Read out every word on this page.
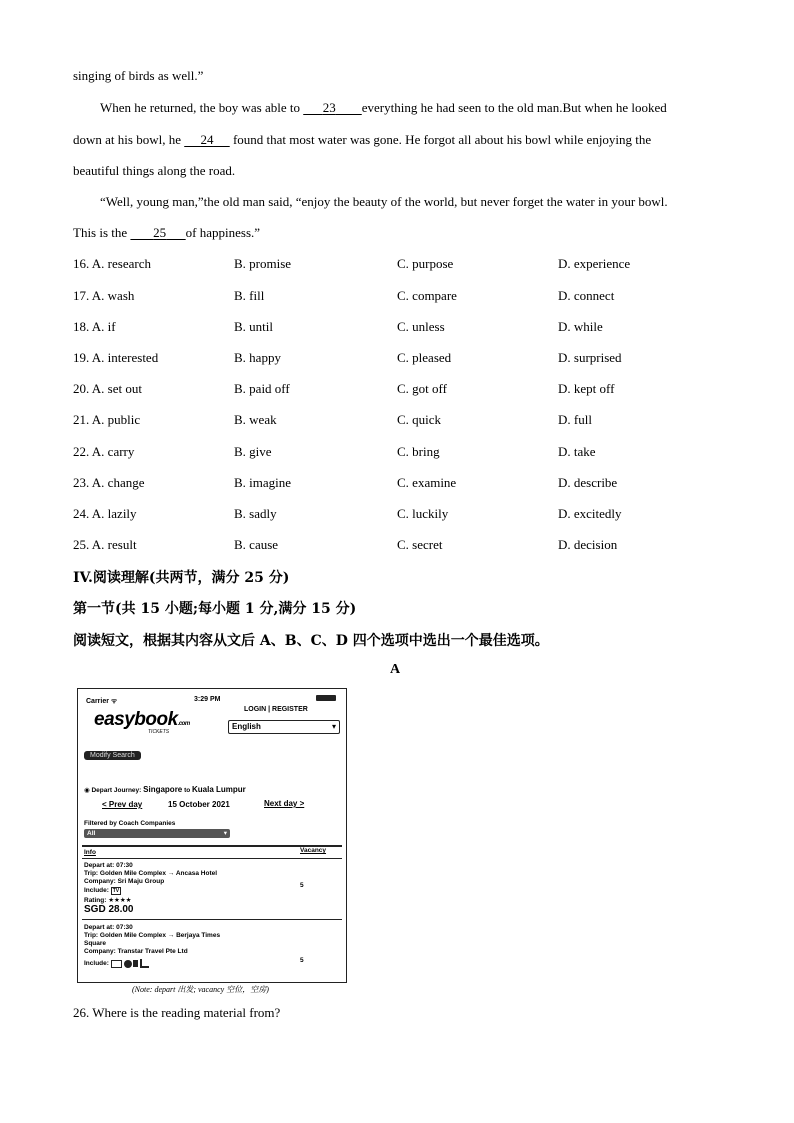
singing of birds as well.”
When he returned, the boy was able to       23 everything he had seen to the old man.But when he looked
down at his bowl, he      24      found that most water was gone. He forgot all about his bowl while enjoying the
beautiful things along the road.
“Well, young man,”the old man said, “enjoy the beauty of the world, but never forget the water in your bowl.
This is the        25 of happiness.”
16. A. research	B. promise	C. purpose	D. experience
17. A. wash	B. fill	C. compare	D. connect
18. A. if	B. until	C. unless	D. while
19. A. interested	B. happy	C. pleased	D. surprised
20. A. set out	B. paid off	C. got off	D. kept off
21. A. public	B. weak	C. quick	D. full
22. A. carry	B. give	C. bring	D. take
23. A. change	B. imagine	C. examine	D. describe
24. A. lazily	B. sadly	C. luckily	D. excitedly
25. A. result	B. cause	C. secret	D. decision
IV.阅读理解(共两节，满分 25 分)
第一节(共 15 小题;每小题 1 分,满分 15 分)
阅读短文，根据其内容从文后 A、B、C、D 四个选项中选出一个最佳选项。
A
Carrier ᯤ	3:29 PM
LOGIN | REGISTER
easybook.com
TICKETS
English	▾
Modify Search
◉ Depart Journey: Singapore to Kuala Lumpur
< Prev day	15 October 2021	Next day >
Filtered by Coach Companies
All	▾
Info	Vacancy
Depart at: 07:30
Trip: Golden Mile Complex → Ancasa Hotel
Company: Sri Maju Group
Include: TV
Rating: ★★★★
SGD 28.00
5
Depart at: 07:30
Trip: Golden Mile Complex → Berjaya Times
Square
Company: Transtar Travel Pte Ltd
Include:	5
(Note: depart 出发; vacancy 空位，空房)
26. Where is the reading material from?
